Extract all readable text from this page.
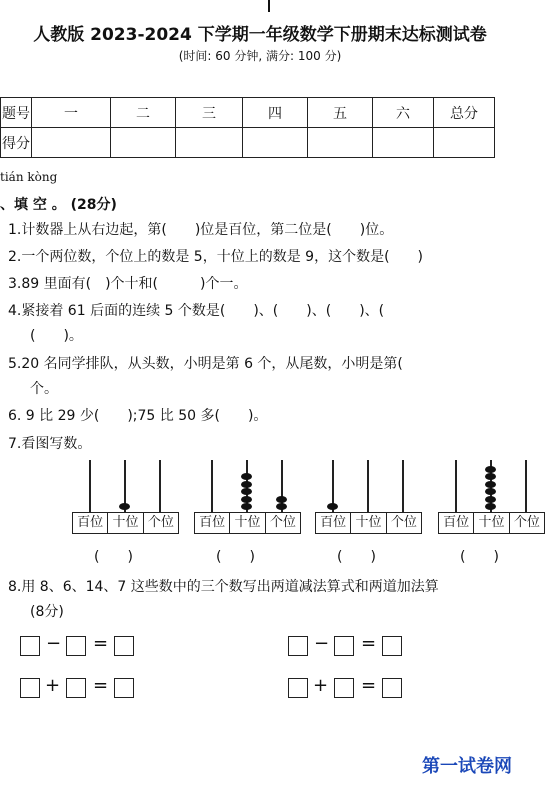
人教版 2023-2024 下学期一年级数学下册期末达标测试卷
(时间: 60 分钟, 满分: 100 分)
题号	一	二	三	四	五	六	总分
得分							
tián kòng
、填 空 。 (28分)
1.计数器上从右边起，第(　　)位是百位，第二位是(　　)位。
2.一个两位数，个位上的数是 5，十位上的数是 9，这个数是(　　)
3.89 里面有(　)个十和(　　　)个一。
4.紧接着 61 后面的连续 5 个数是(　　)、(　　)、(　　)、(
(　　)。
5.20 名同学排队，从头数，小明是第 6 个，从尾数，小明是第(
个。
6. 9 比 29 少(　　);75 比 50 多(　　)。
7.看图写数。
百位 十位 个位
(　　)
百位 十位 个位
(　　)
百位 十位 个位
(　　)
百位 十位 个位
(　　)
8.用 8、6、14、7 这些数中的三个数写出两道减法算式和两道加法算
(8分)
− =	− =
+ =	+ =
第一试卷网
